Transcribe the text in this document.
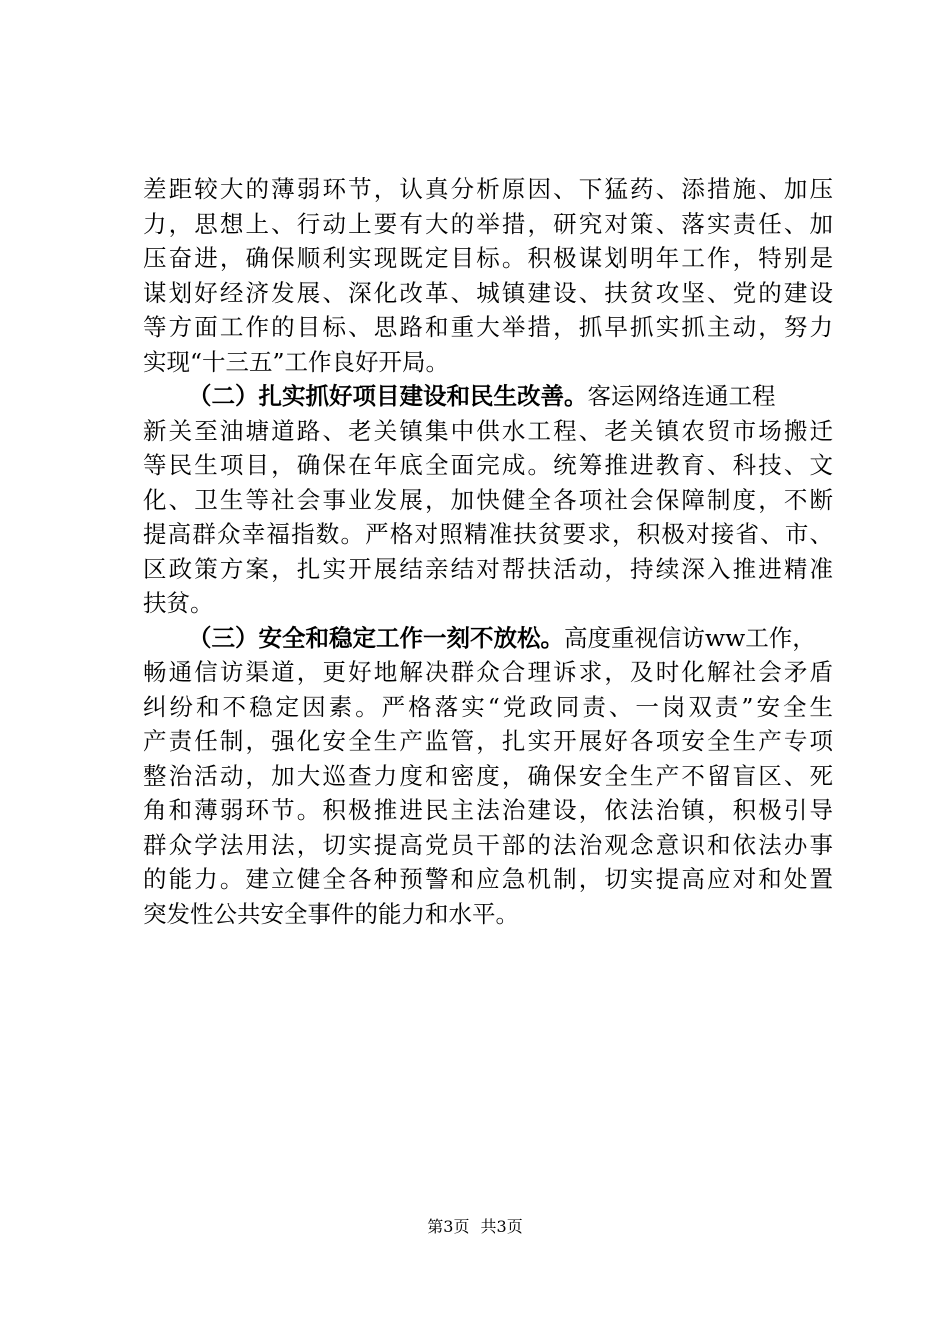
差距较大的薄弱环节，认真分析原因、下猛药、添措施、加压
力，思想上、行动上要有大的举措，研究对策、落实责任、加
压奋进，确保顺利实现既定目标。积极谋划明年工作，特别是
谋划好经济发展、深化改革、城镇建设、扶贫攻坚、党的建设
等方面工作的目标、思路和重大举措，抓早抓实抓主动，努力
实现“十三五”工作良好开局。
（二）扎实抓好项目建设和民生改善。客运网络连通工程
新关至油塘道路、老关镇集中供水工程、老关镇农贸市场搬迁
等民生项目，确保在年底全面完成。统筹推进教育、科技、文
化、卫生等社会事业发展，加快健全各项社会保障制度，不断
提高群众幸福指数。严格对照精准扶贫要求，积极对接省、市、
区政策方案，扎实开展结亲结对帮扶活动，持续深入推进精准
扶贫。
（三）安全和稳定工作一刻不放松。高度重视信访ww工作，
畅通信访渠道，更好地解决群众合理诉求，及时化解社会矛盾
纠纷和不稳定因素。严格落实“党政同责、一岗双责”安全生
产责任制，强化安全生产监管，扎实开展好各项安全生产专项
整治活动，加大巡查力度和密度，确保安全生产不留盲区、死
角和薄弱环节。积极推进民主法治建设，依法治镇，积极引导
群众学法用法，切实提高党员干部的法治观念意识和依法办事
的能力。建立健全各种预警和应急机制，切实提高应对和处置
突发性公共安全事件的能力和水平。
第3页 共3页
